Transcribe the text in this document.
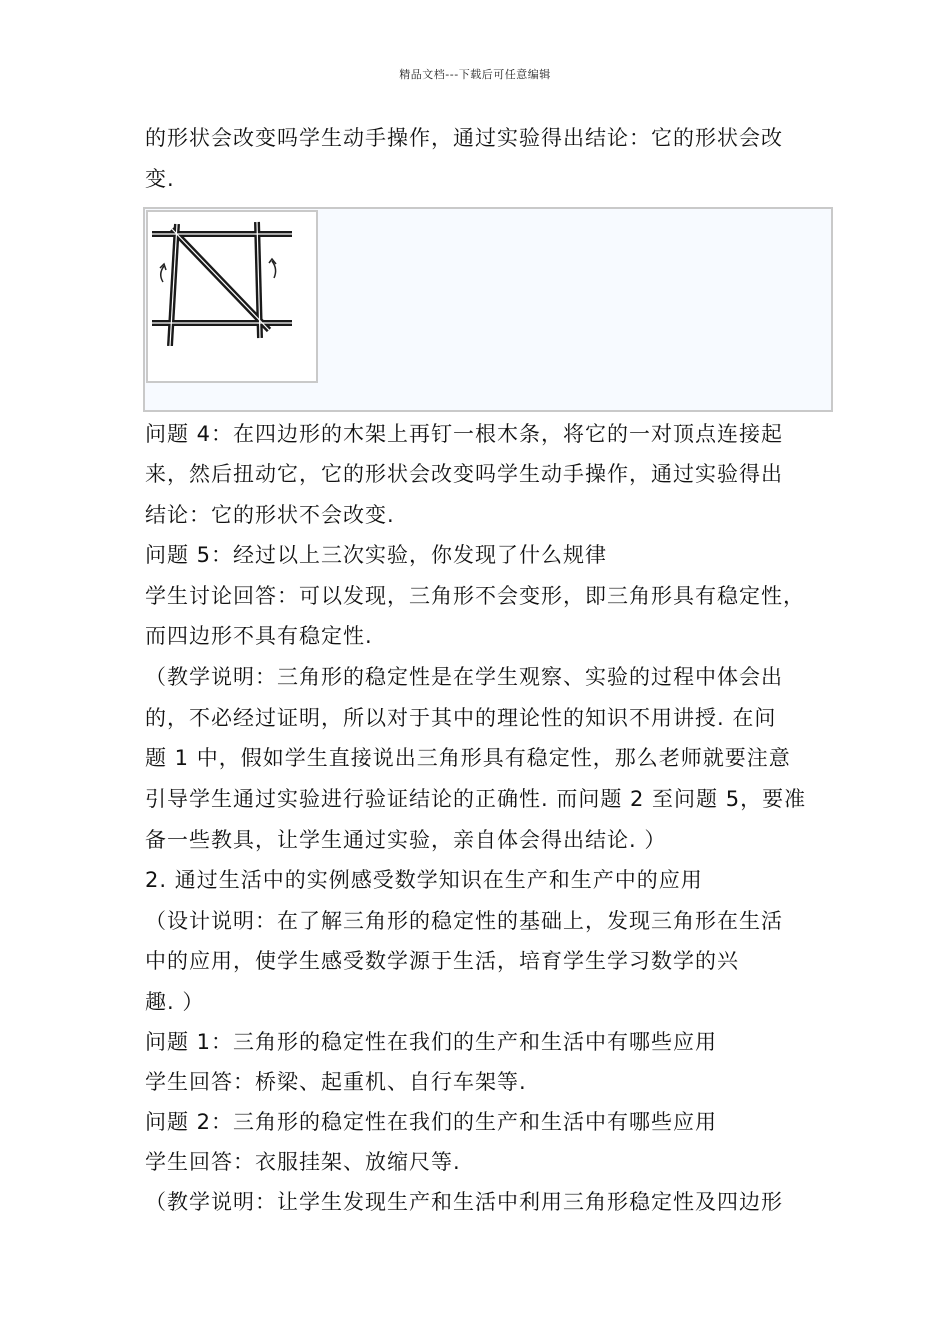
精品文档---下载后可任意编辑
的形状会改变吗学生动手操作，通过实验得出结论：它的形状会改
变.
问题 4：在四边形的木架上再钉一根木条，将它的一对顶点连接起
来，然后扭动它，它的形状会改变吗学生动手操作，通过实验得出
结论：它的形状不会改变.
问题 5：经过以上三次实验，你发现了什么规律
学生讨论回答：可以发现，三角形不会变形，即三角形具有稳定性，
而四边形不具有稳定性.
（教学说明：三角形的稳定性是在学生观察、实验的过程中体会出
的，不必经过证明，所以对于其中的理论性的知识不用讲授. 在问
题 1 中，假如学生直接说出三角形具有稳定性，那么老师就要注意
引导学生通过实验进行验证结论的正确性. 而问题 2 至问题 5，要准
备一些教具，让学生通过实验，亲自体会得出结论. ）
2. 通过生活中的实例感受数学知识在生产和生产中的应用
（设计说明：在了解三角形的稳定性的基础上，发现三角形在生活
中的应用，使学生感受数学源于生活，培育学生学习数学的兴
趣. ）
问题 1：三角形的稳定性在我们的生产和生活中有哪些应用
学生回答：桥梁、起重机、自行车架等.
问题 2：三角形的稳定性在我们的生产和生活中有哪些应用
学生回答：衣服挂架、放缩尺等.
（教学说明：让学生发现生产和生活中利用三角形稳定性及四边形
